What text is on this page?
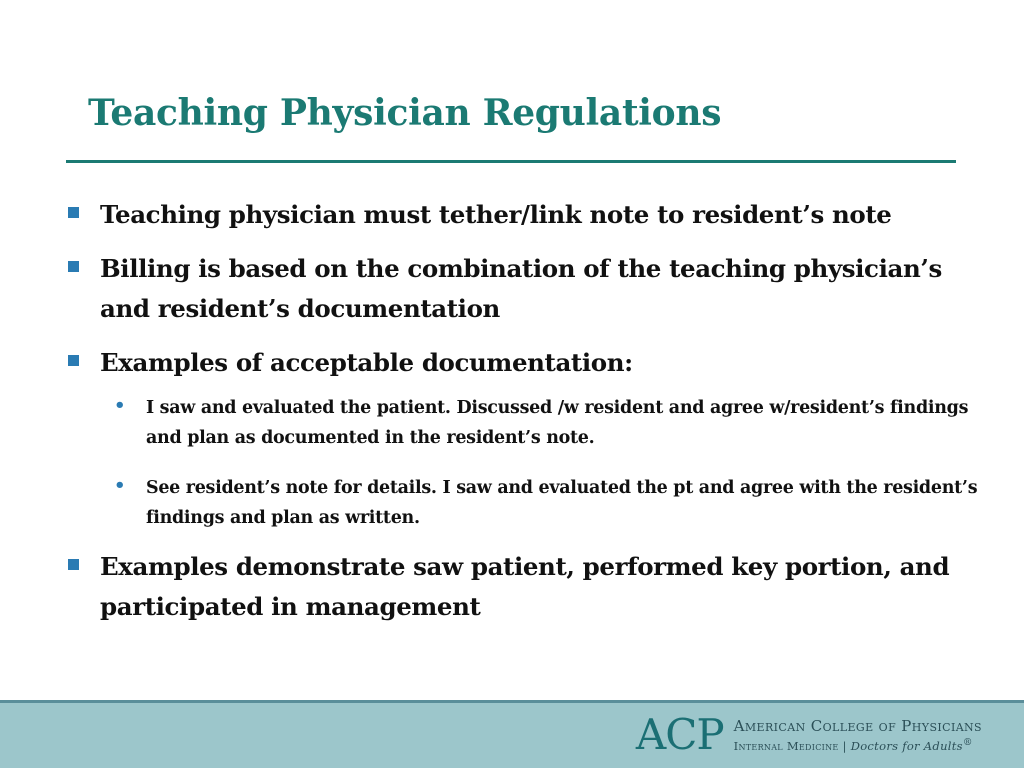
Teaching Physician Regulations
Teaching physician must tether/link note to resident’s note
Billing is based on the combination of the teaching physician’s and resident’s documentation
Examples of acceptable documentation:
• I saw and evaluated the patient. Discussed /w resident and agree w/resident’s findings and plan as documented in the resident’s note.
• See resident’s note for details. I saw and evaluated the pt and agree with the resident’s findings and plan as written.
Examples demonstrate saw patient, performed key portion, and participated in management
ACP American College of Physicians
Internal Medicine | Doctors for Adults®
